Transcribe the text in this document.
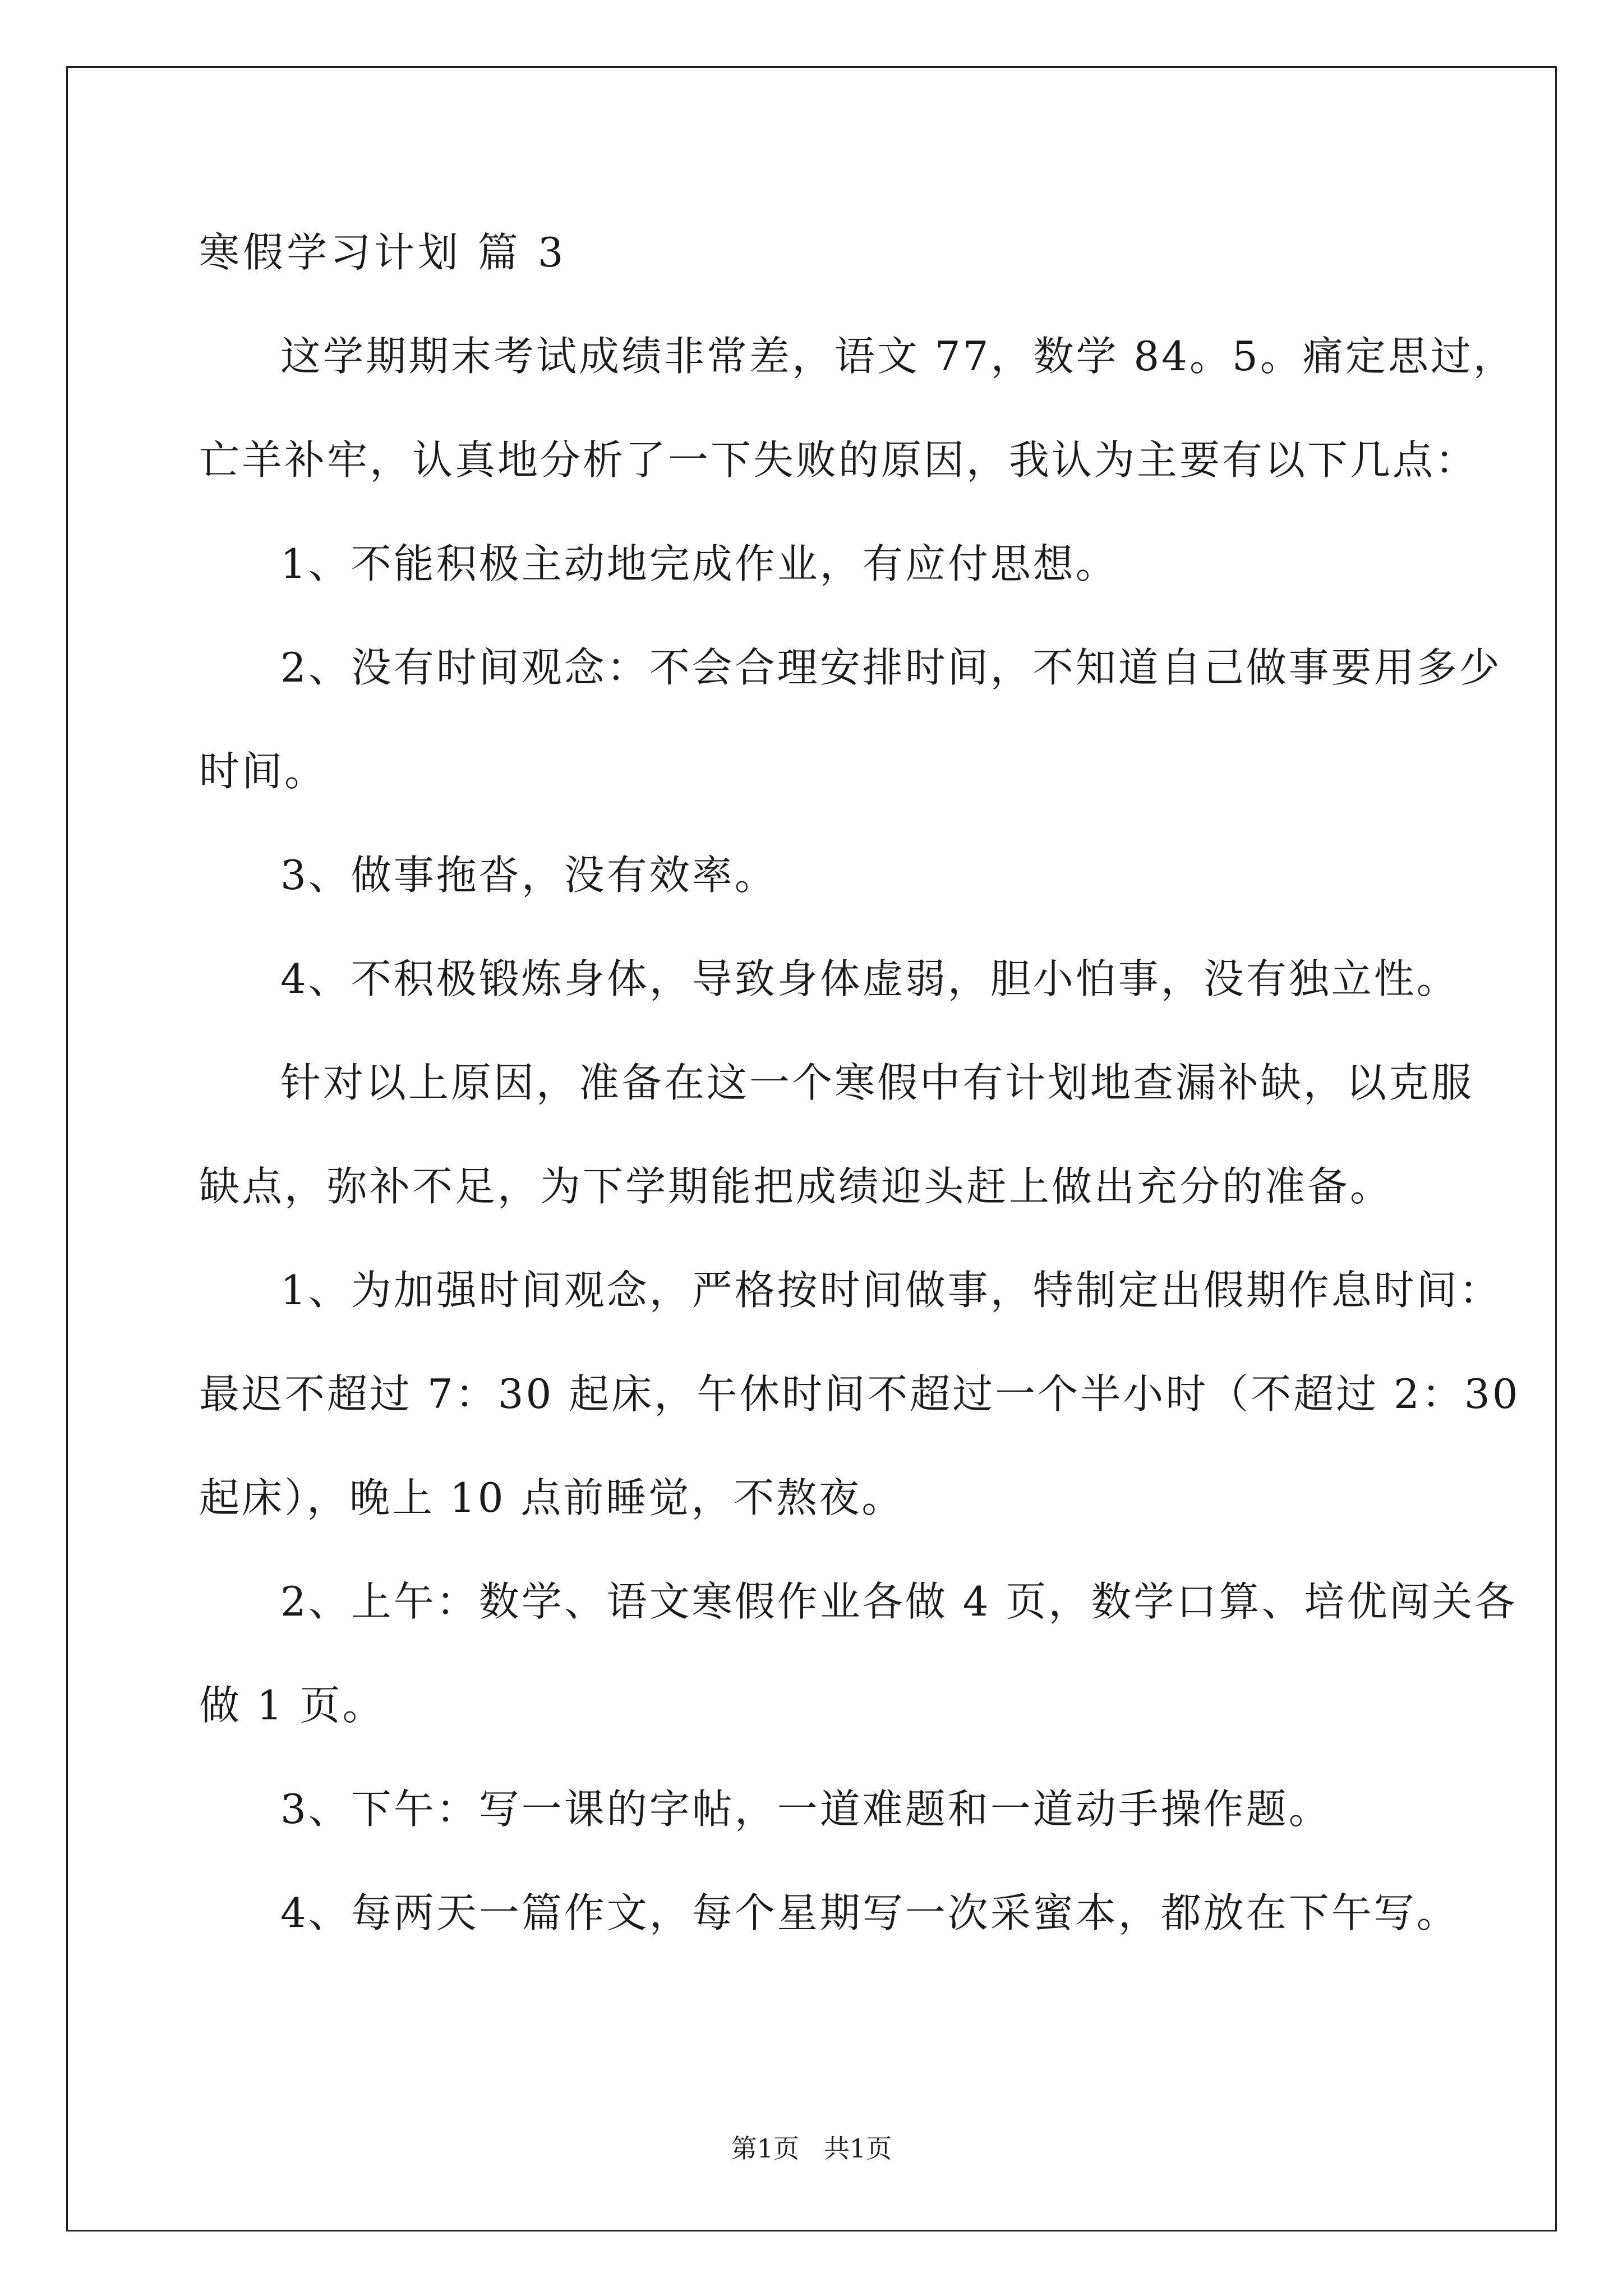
寒假学习计划 篇 3
这学期期末考试成绩非常差，语文 77，数学 84。5。痛定思过，
亡羊补牢，认真地分析了一下失败的原因，我认为主要有以下几点：
1、不能积极主动地完成作业，有应付思想。
2、没有时间观念：不会合理安排时间，不知道自己做事要用多少
时间。
3、做事拖沓，没有效率。
4、不积极锻炼身体，导致身体虚弱，胆小怕事，没有独立性。
针对以上原因，准备在这一个寒假中有计划地查漏补缺，以克服
缺点，弥补不足，为下学期能把成绩迎头赶上做出充分的准备。
1、为加强时间观念，严格按时间做事，特制定出假期作息时间：
最迟不超过 7：30 起床，午休时间不超过一个半小时（不超过 2：30
起床），晚上 10 点前睡觉，不熬夜。
2、上午：数学、语文寒假作业各做 4 页，数学口算、培优闯关各
做 1 页。
3、下午：写一课的字帖，一道难题和一道动手操作题。
4、每两天一篇作文，每个星期写一次采蜜本，都放在下午写。
第1页   共1页
